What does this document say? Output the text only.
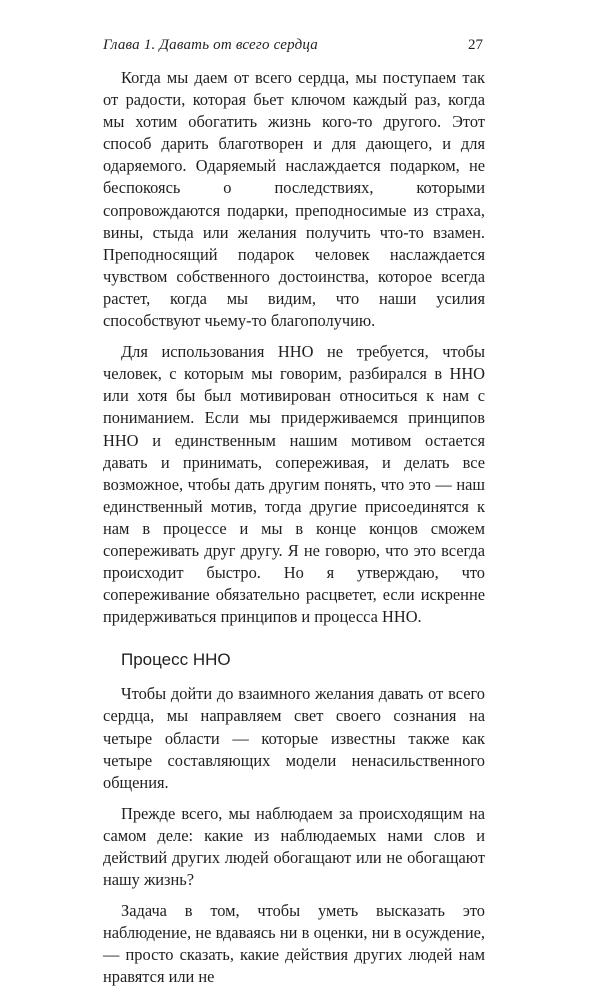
Глава 1. Давать от всего сердца	27

Когда мы даем от всего сердца, мы поступаем так от радости, которая бьет ключом каждый раз, когда мы хотим обогатить жизнь кого-то другого. Этот способ дарить благотворен и для дающего, и для одаряемого. Одаряемый наслаждается подарком, не беспокоясь о последствиях, которыми сопровождаются подарки, преподносимые из страха, вины, стыда или желания получить что-то взамен. Преподносящий подарок человек наслаждается чувством собственного достоинства, которое всегда растет, когда мы видим, что наши усилия способствуют чьему-то благополучию.

Для использования ННО не требуется, чтобы человек, с которым мы говорим, разбирался в ННО или хотя бы был мотивирован относиться к нам с пониманием. Если мы придерживаемся принципов ННО и единственным нашим мотивом остается давать и принимать, сопереживая, и делать все возможное, чтобы дать другим понять, что это — наш единственный мотив, тогда другие присоединятся к нам в процессе и мы в конце концов сможем сопереживать друг другу. Я не говорю, что это всегда происходит быстро. Но я утверждаю, что сопереживание обязательно расцветет, если искренне придерживаться принципов и процесса ННО.

Процесс ННО

Чтобы дойти до взаимного желания давать от всего сердца, мы направляем свет своего сознания на четыре области — которые известны также как четыре составляющих модели ненасильственного общения.

Прежде всего, мы наблюдаем за происходящим на самом деле: какие из наблюдаемых нами слов и действий других людей обогащают или не обогащают нашу жизнь?

Задача в том, чтобы уметь высказать это наблюдение, не вдаваясь ни в оценки, ни в осуждение, — просто сказать, какие действия других людей нам нравятся или не
